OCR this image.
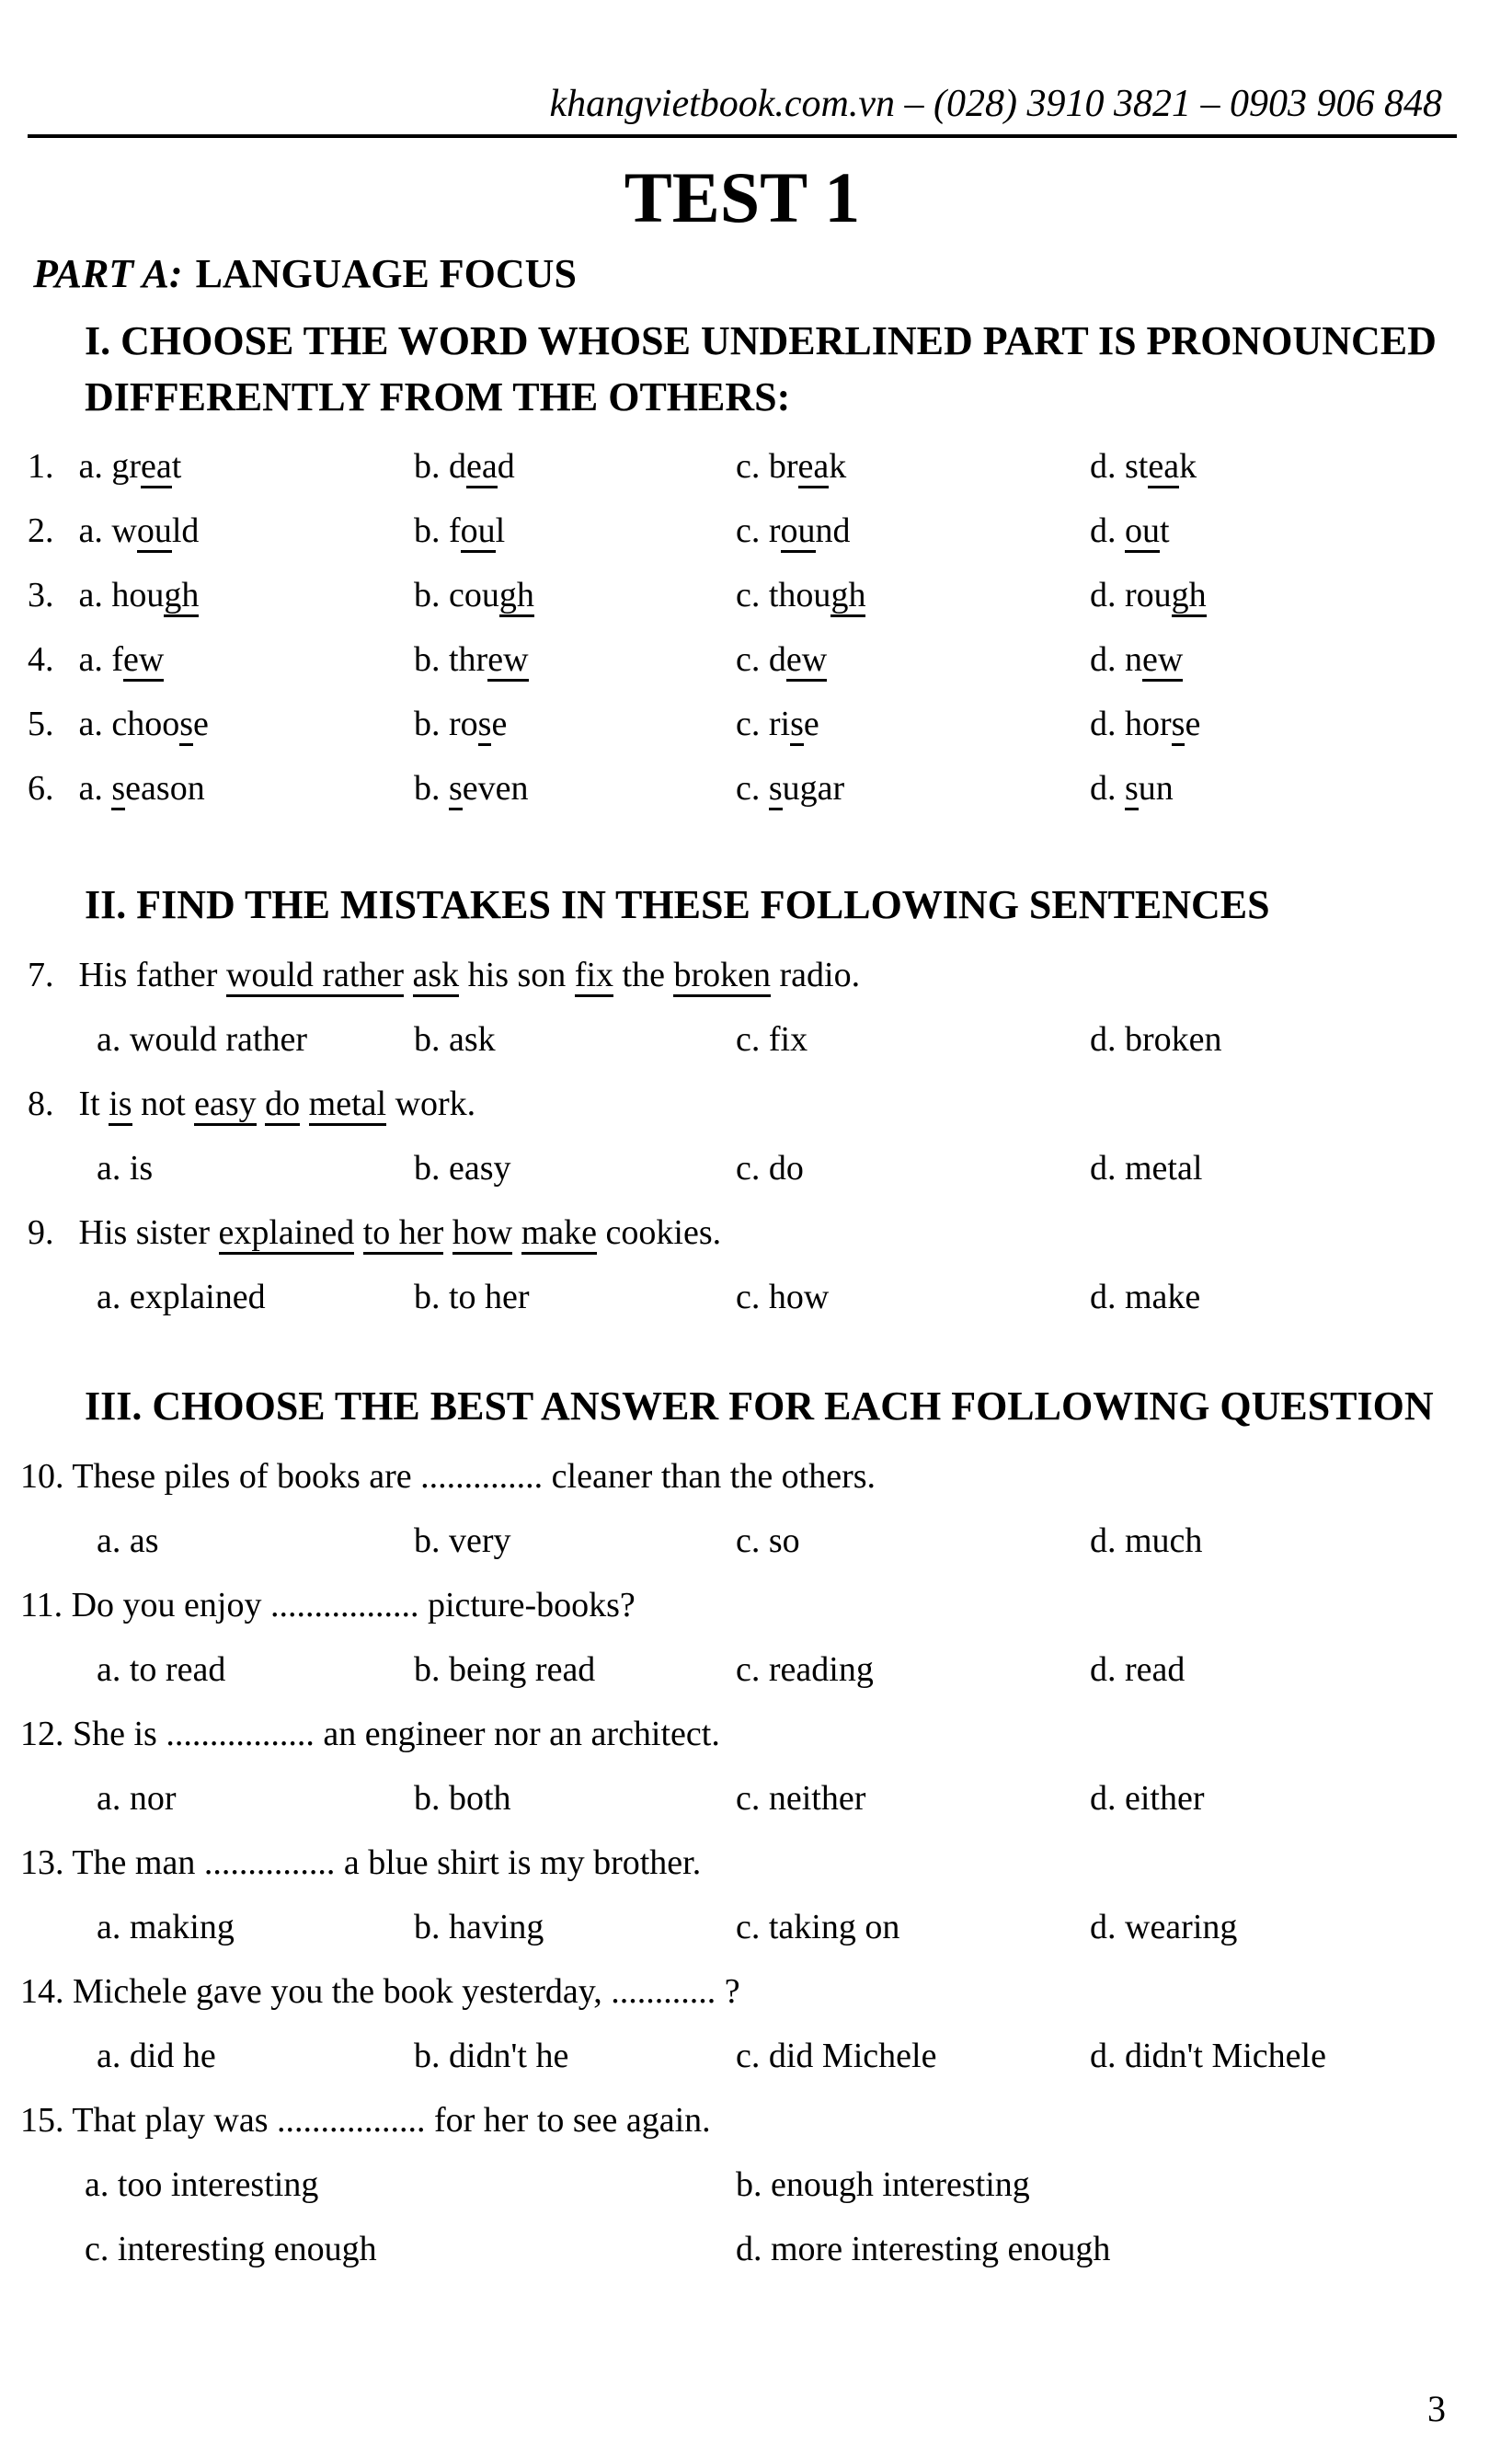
khangvietbook.com.vn – (028) 3910 3821 – 0903 906 848
TEST 1
PART A: LANGUAGE FOCUS
I. CHOOSE THE WORD WHOSE UNDERLINED PART IS PRONOUNCED
DIFFERENTLY FROM THE OTHERS:
1. a. great	b. dead	c. break	d. steak
2. a. would	b. foul	c. round	d. out
3. a. hough	b. cough	c. though	d. rough
4. a. few	b. threw	c. dew	d. new
5. a. choose	b. rose	c. rise	d. horse
6. a. season	b. seven	c. sugar	d. sun
II. FIND THE MISTAKES IN THESE FOLLOWING SENTENCES
7. His father would rather ask his son fix the broken radio.
a. would rather	b. ask	c. fix	d. broken
8. It is not easy do metal work.
a. is	b. easy	c. do	d. metal
9. His sister explained to her how make cookies.
a. explained	b. to her	c. how	d. make
III. CHOOSE THE BEST ANSWER FOR EACH FOLLOWING QUESTION
10. These piles of books are .............. cleaner than the others.
a. as	b. very	c. so	d. much
11. Do you enjoy ................. picture-books?
a. to read	b. being read	c. reading	d. read
12. She is ................. an engineer nor an architect.
a. nor	b. both	c. neither	d. either
13. The man ............... a blue shirt is my brother.
a. making	b. having	c. taking on	d. wearing
14. Michele gave you the book yesterday, ............ ?
a. did he	b. didn't he	c. did Michele	d. didn't Michele
15. That play was ................. for her to see again.
a. too interesting	b. enough interesting
c. interesting enough	d. more interesting enough
3
